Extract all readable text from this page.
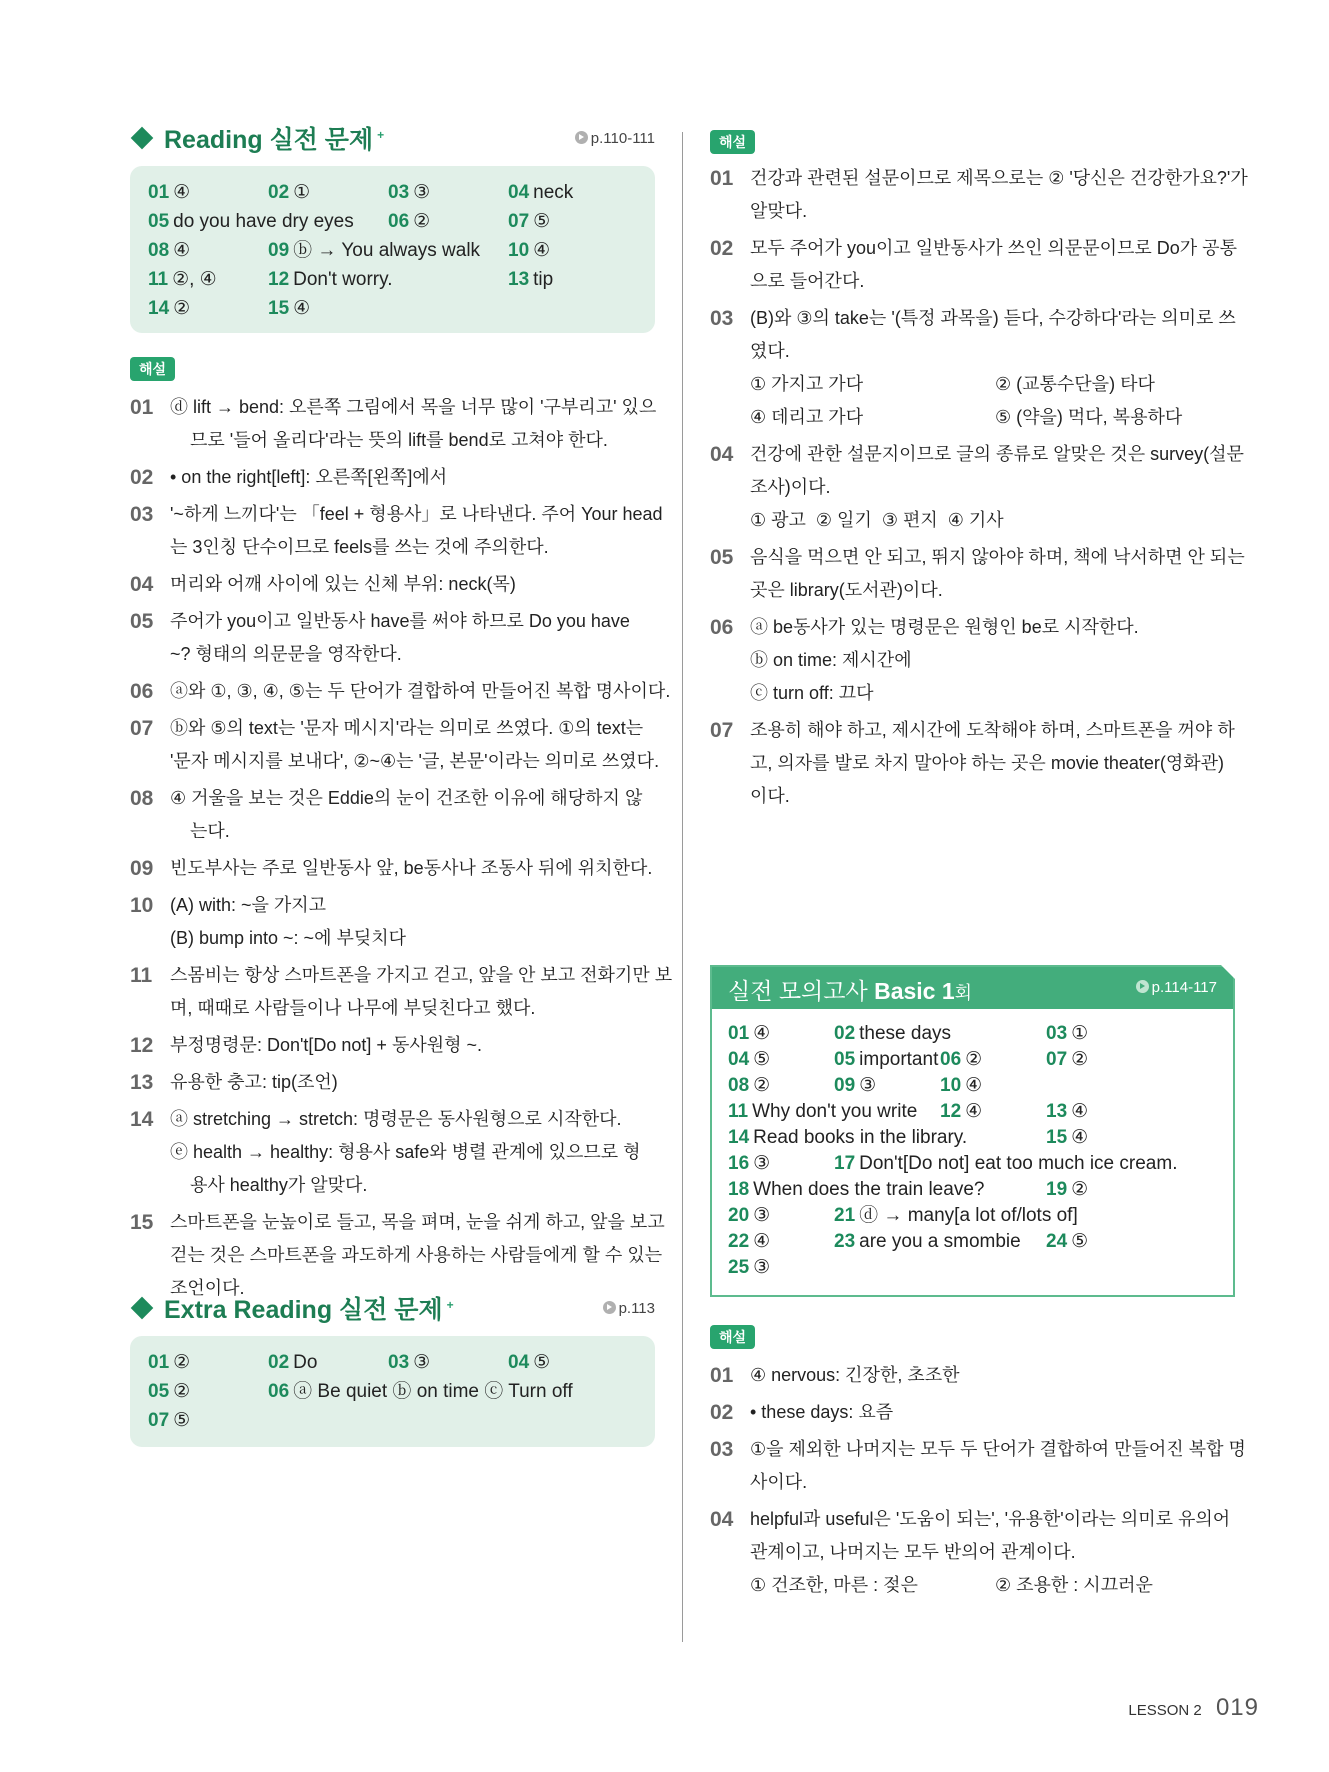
Reading 실전 문제 +	p.110-111
01 ④	02 ①	03 ③	04 neck
05 do you have dry eyes	06 ②	07 ⑤
08 ④	09 ⓑ → You always walk	10 ④
11 ②, ④	12 Don't worry.	13 tip
14 ②	15 ④
해설
01 ⓓ lift → bend: 오른쪽 그림에서 목을 너무 많이 '구부리고' 있으
므로 '들어 올리다'라는 뜻의 lift를 bend로 고쳐야 한다.
02 • on the right[left]: 오른쪽[왼쪽]에서
03 '~하게 느끼다'는 「feel + 형용사」로 나타낸다. 주어 Your head
는 3인칭 단수이므로 feels를 쓰는 것에 주의한다.
04 머리와 어깨 사이에 있는 신체 부위: neck(목)
05 주어가 you이고 일반동사 have를 써야 하므로 Do you have
~? 형태의 의문문을 영작한다.
06 ⓐ와 ①, ③, ④, ⑤는 두 단어가 결합하여 만들어진 복합 명사이다.
07 ⓑ와 ⑤의 text는 '문자 메시지'라는 의미로 쓰였다. ①의 text는
'문자 메시지를 보내다', ②~④는 '글, 본문'이라는 의미로 쓰였다.
08 ④ 거울을 보는 것은 Eddie의 눈이 건조한 이유에 해당하지 않
는다.
09 빈도부사는 주로 일반동사 앞, be동사나 조동사 뒤에 위치한다.
10 (A) with: ~을 가지고
(B) bump into ~: ~에 부딪치다
11 스몸비는 항상 스마트폰을 가지고 걷고, 앞을 안 보고 전화기만 보
며, 때때로 사람들이나 나무에 부딪친다고 했다.
12 부정명령문: Don't[Do not] + 동사원형 ~.
13 유용한 충고: tip(조언)
14 ⓐ stretching → stretch: 명령문은 동사원형으로 시작한다.
ⓔ health → healthy: 형용사 safe와 병렬 관계에 있으므로 형
용사 healthy가 알맞다.
15 스마트폰을 눈높이로 들고, 목을 펴며, 눈을 쉬게 하고, 앞을 보고
걷는 것은 스마트폰을 과도하게 사용하는 사람들에게 할 수 있는
조언이다.
Extra Reading 실전 문제 +	p.113
01 ②	02 Do	03 ③	04 ⑤
05 ②	06 ⓐ Be quiet ⓑ on time ⓒ Turn off
07 ⑤
해설
01 건강과 관련된 설문이므로 제목으로는 ② '당신은 건강한가요?'가
알맞다.
02 모두 주어가 you이고 일반동사가 쓰인 의문문이므로 Do가 공통
으로 들어간다.
03 (B)와 ③의 take는 '(특정 과목을) 듣다, 수강하다'라는 의미로 쓰
였다.
① 가지고 가다	② (교통수단을) 타다
④ 데리고 가다	⑤ (약을) 먹다, 복용하다
04 건강에 관한 설문지이므로 글의 종류로 알맞은 것은 survey(설문
조사)이다.
① 광고  ② 일기  ③ 편지  ④ 기사
05 음식을 먹으면 안 되고, 뛰지 않아야 하며, 책에 낙서하면 안 되는
곳은 library(도서관)이다.
06 ⓐ be동사가 있는 명령문은 원형인 be로 시작한다.
ⓑ on time: 제시간에
ⓒ turn off: 끄다
07 조용히 해야 하고, 제시간에 도착해야 하며, 스마트폰을 꺼야 하
고, 의자를 발로 차지 말아야 하는 곳은 movie theater(영화관)
이다.
실전 모의고사 Basic 1회	p.114-117
01 ④	02 these days	03 ①
04 ⑤	05 important 06 ②	07 ②
08 ②	09 ③	10 ④
11 Why don't you write 12 ④	13 ④
14 Read books in the library.	15 ④
16 ③	17 Don't[Do not] eat too much ice cream.
18 When does the train leave?	19 ②
20 ③	21 ⓓ → many[a lot of/lots of]
22 ④	23 are you a smombie 24 ⑤
25 ③
해설
01 ④ nervous: 긴장한, 초조한
02 • these days: 요즘
03 ①을 제외한 나머지는 모두 두 단어가 결합하여 만들어진 복합 명
사이다.
04 helpful과 useful은 '도움이 되는', '유용한'이라는 의미로 유의어
관계이고, 나머지는 모두 반의어 관계이다.
① 건조한, 마른 : 젖은	② 조용한 : 시끄러운
LESSON 2 019
